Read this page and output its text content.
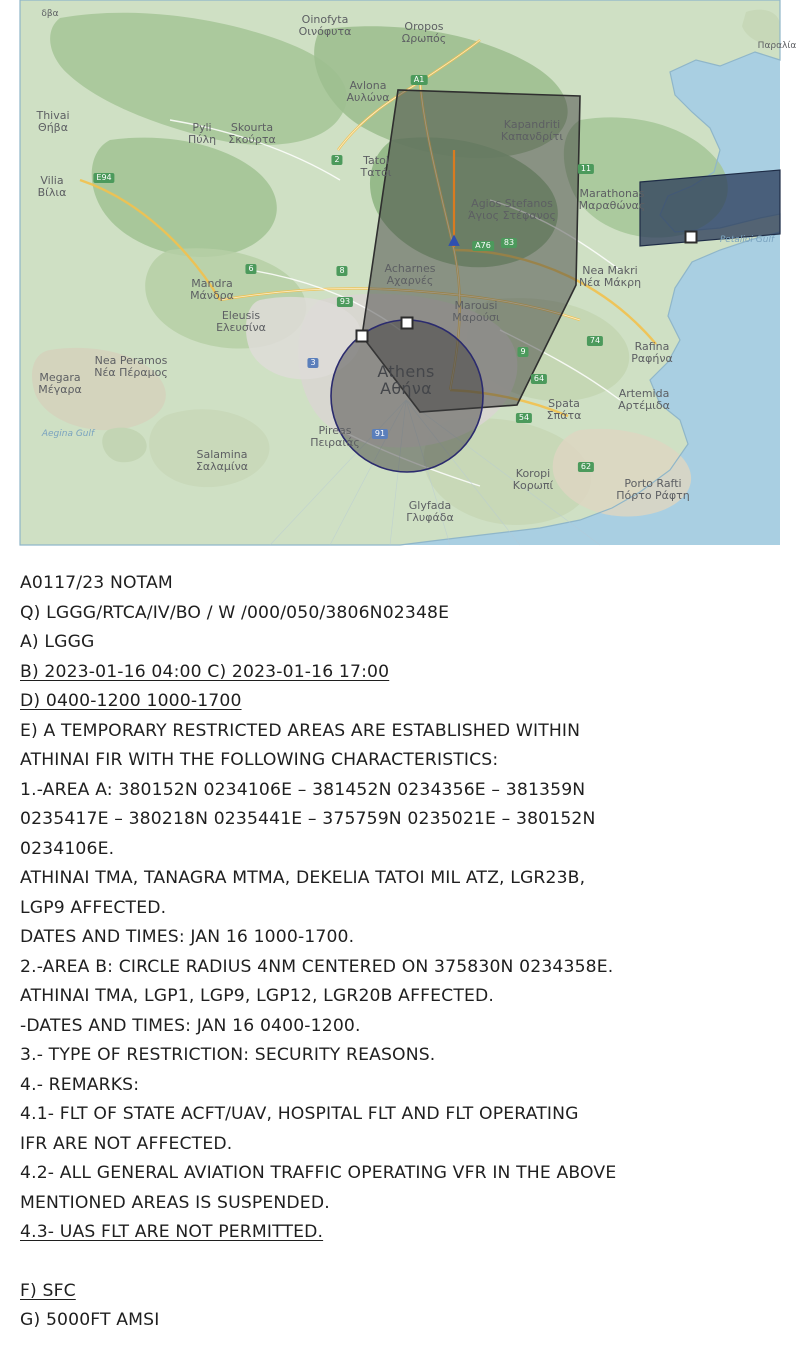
δβα	Oinofyta
Οινόφυτα	Oropos
Ωρωπός
Παραλία
Avlona
Αυλώνα
Pyli
Πύλη
Skourta
Σκούρτα
Thivai
Θήβα
Vilia
Βίλια
Kapandriti
Καπανδρίτι
Tatoi
Τατόι
Agios Stefanos
Άγιος Στέφανος
Marathonas
Μαραθώνας
Nea Makri
Νέα Μάκρη
Acharnes
Αχαρνές
Marousi
Μαρούσι
Mandra
Μάνδρα
Eleusis
Ελευσίνα
Nea Peramos
Νέα Πέραμος
Megara
Μέγαρα
Salamina
Σαλαμίνα
Pireas
Πειραιάς
Glyfada
Γλυφάδα
Spata
Σπάτα
Artemida
Αρτέμιδα
Rafina
Ραφήνα
Koropi
Κορωπί	Porto Rafti
Πόρτο Ράφτη
Aegina Gulf
Petalioi Gulf
A1
E94
11
A76	83
6	8
74
64
54
91
62
9
93
3
2
▲
Athens
Αθήνα
A0117/23 NOTAM
Q) LGGG/RTCA/IV/BO / W /000/050/3806N02348E
A) LGGG
B) 2023-01-16 04:00 C) 2023-01-16 17:00
D) 0400-1200 1000-1700
E) A TEMPORARY RESTRICTED AREAS ARE ESTABLISHED WITHIN
ATHINAI FIR WITH THE FOLLOWING CHARACTERISTICS:
1.-AREA A: 380152N 0234106E – 381452N 0234356E – 381359N
0235417E – 380218N 0235441E – 375759N 0235021E – 380152N
0234106E.
ATHINAI TMA, TANAGRA MTMA, DEKELIA TATOI MIL ATZ, LGR23B,
LGP9 AFFECTED.
DATES AND TIMES: JAN 16 1000-1700.
2.-AREA B: CIRCLE RADIUS 4NM CENTERED ON 375830N 0234358E.
ATHINAI TMA, LGP1, LGP9, LGP12, LGR20B AFFECTED.
-DATES AND TIMES: JAN 16 0400-1200.
3.- TYPE OF RESTRICTION: SECURITY REASONS.
4.- REMARKS:
4.1- FLT OF STATE ACFT/UAV, HOSPITAL FLT AND FLT OPERATING
IFR ARE NOT AFFECTED.
4.2- ALL GENERAL AVIATION TRAFFIC OPERATING VFR IN THE ABOVE
MENTIONED AREAS IS SUSPENDED.
4.3- UAS FLT ARE NOT PERMITTED.
F) SFC
G) 5000FT AMSI
